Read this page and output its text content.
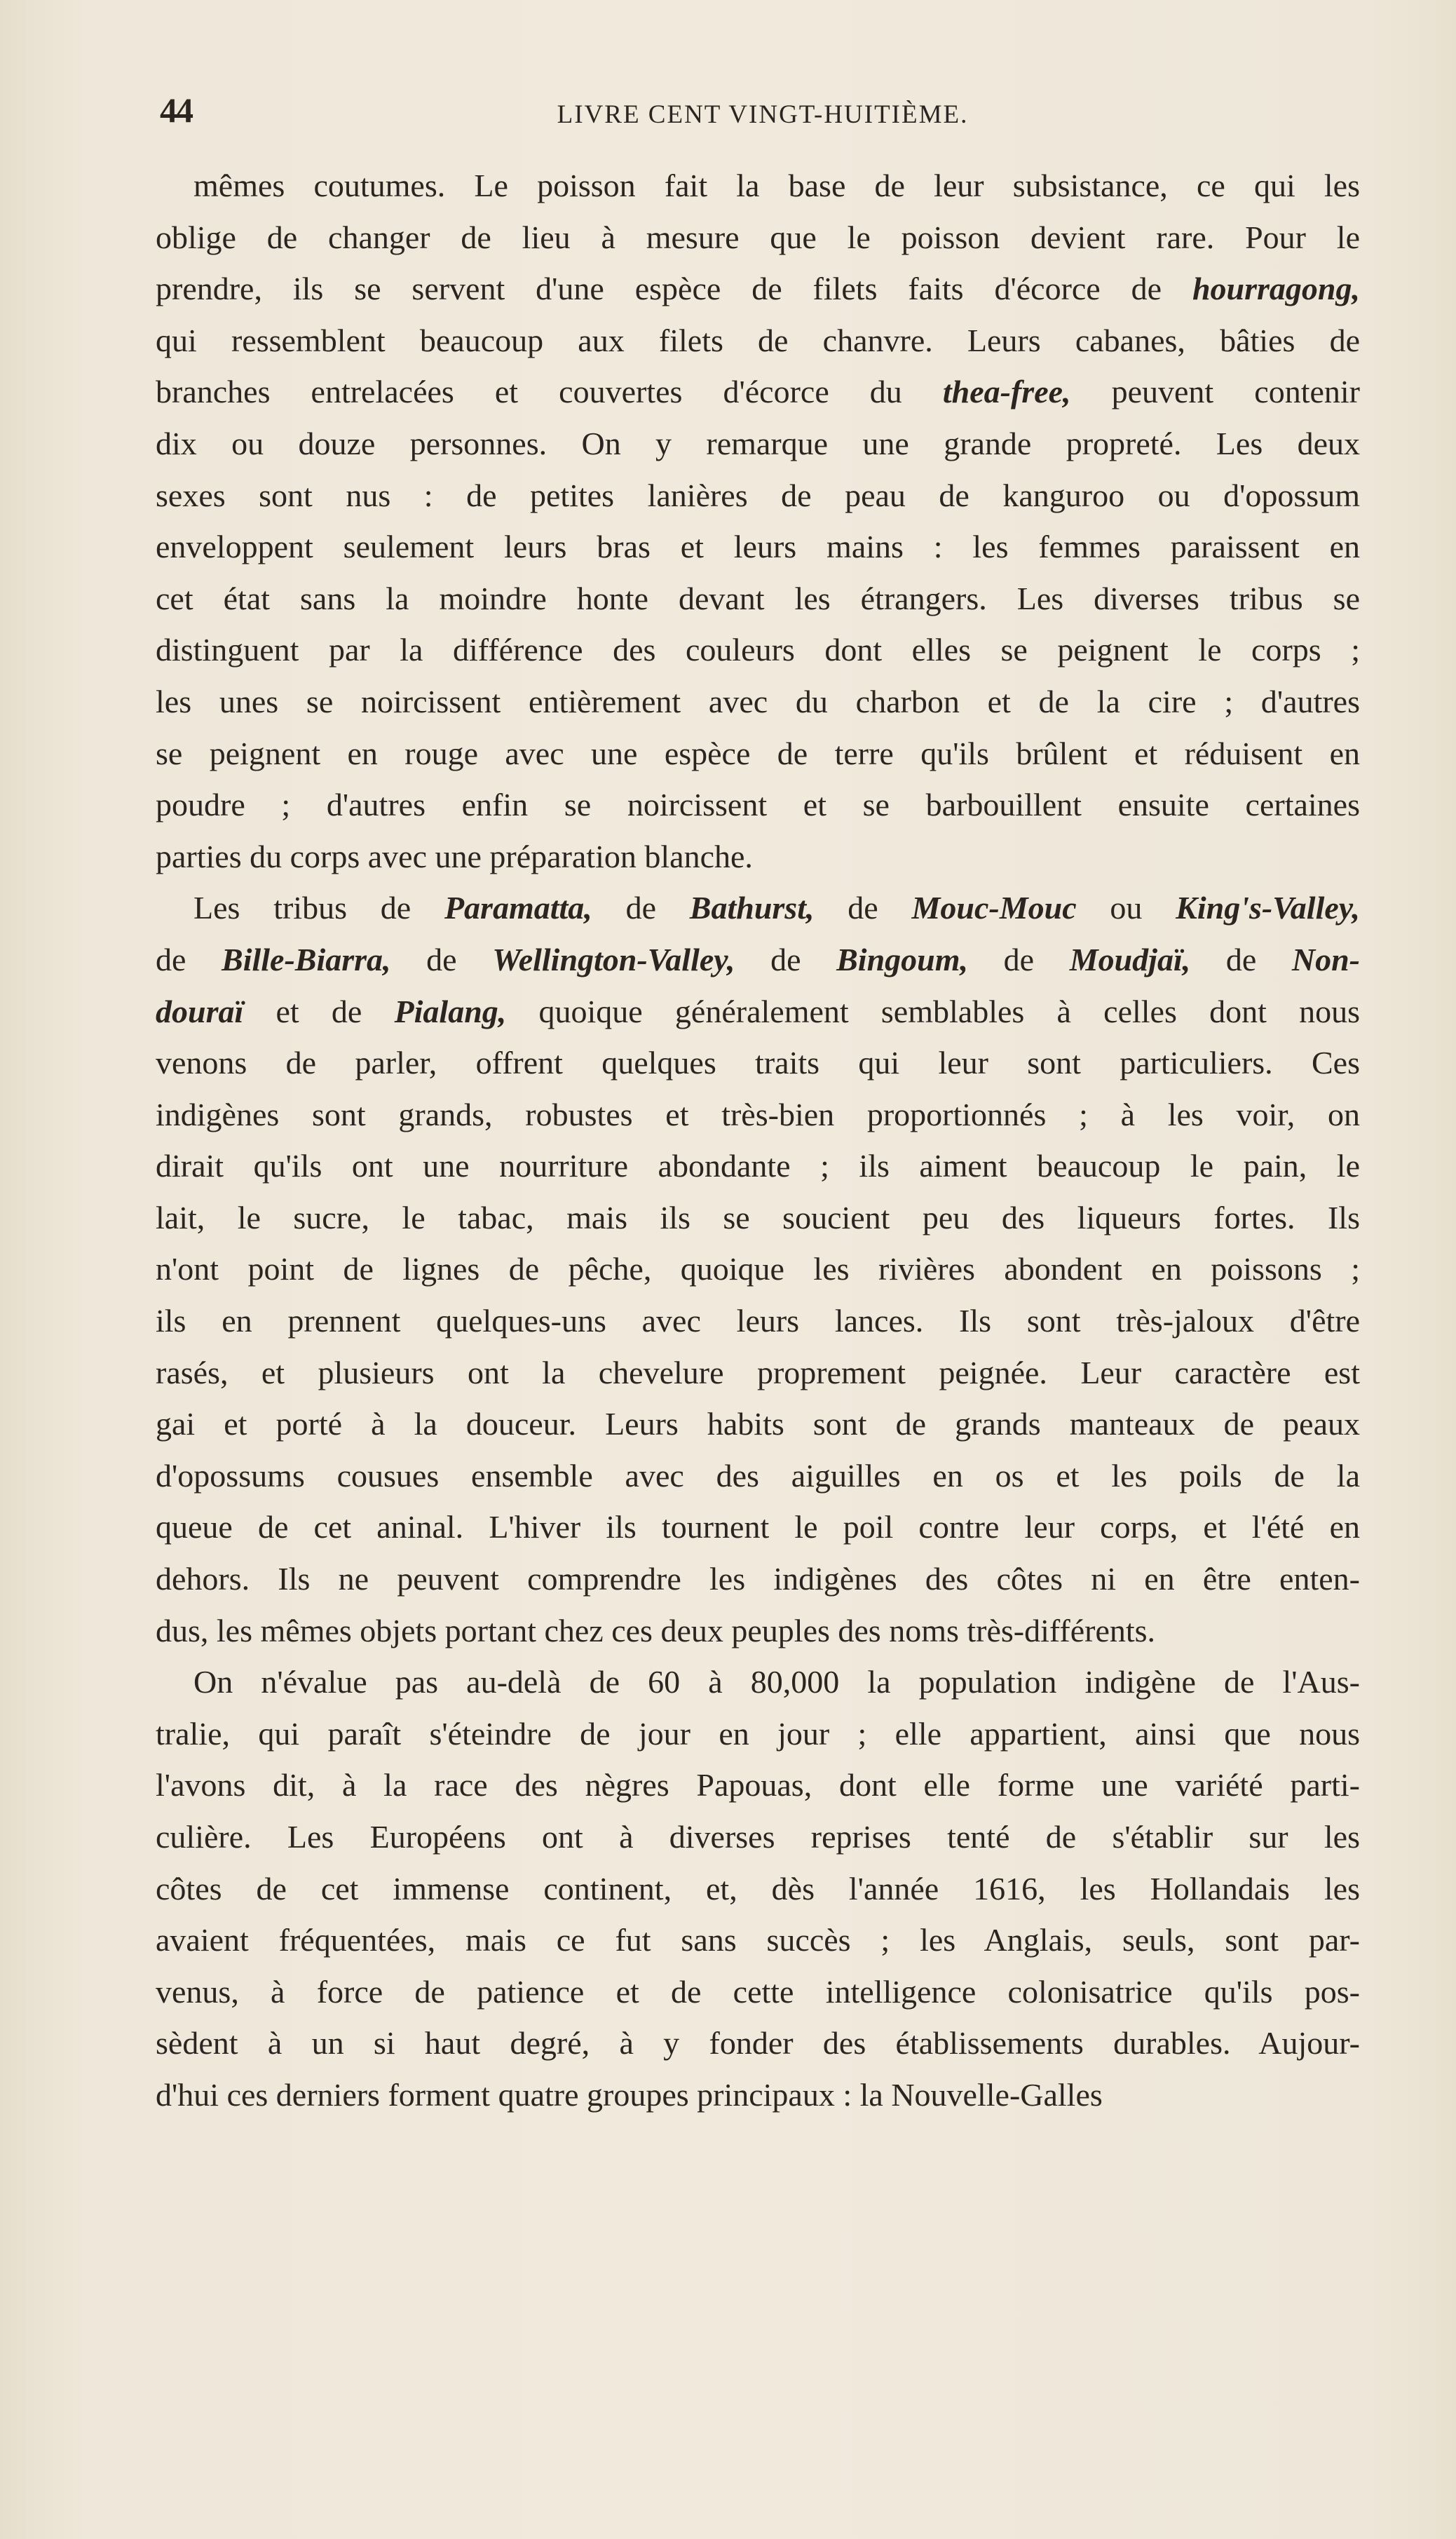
44	LIVRE CENT VINGT-HUITIÈME.
mêmes coutumes. Le poisson fait la base de leur subsistance, ce qui les
oblige de changer de lieu à mesure que le poisson devient rare. Pour le
prendre, ils se servent d'une espèce de filets faits d'écorce de hourragong,
qui ressemblent beaucoup aux filets de chanvre. Leurs cabanes, bâties de
branches entrelacées et couvertes d'écorce du thea-free, peuvent contenir
dix ou douze personnes. On y remarque une grande propreté. Les deux
sexes sont nus : de petites lanières de peau de kanguroo ou d'opossum
enveloppent seulement leurs bras et leurs mains : les femmes paraissent en
cet état sans la moindre honte devant les étrangers. Les diverses tribus se
distinguent par la différence des couleurs dont elles se peignent le corps ;
les unes se noircissent entièrement avec du charbon et de la cire ; d'autres
se peignent en rouge avec une espèce de terre qu'ils brûlent et réduisent en
poudre ; d'autres enfin se noircissent et se barbouillent ensuite certaines
parties du corps avec une préparation blanche.
Les tribus de Paramatta, de Bathurst, de Mouc-Mouc ou King's-Valley,
de Bille-Biarra, de Wellington-Valley, de Bingoum, de Moudjaï, de Non-
douraï et de Pialang, quoique généralement semblables à celles dont nous
venons de parler, offrent quelques traits qui leur sont particuliers. Ces
indigènes sont grands, robustes et très-bien proportionnés ; à les voir, on
dirait qu'ils ont une nourriture abondante ; ils aiment beaucoup le pain, le
lait, le sucre, le tabac, mais ils se soucient peu des liqueurs fortes. Ils
n'ont point de lignes de pêche, quoique les rivières abondent en poissons ;
ils en prennent quelques-uns avec leurs lances. Ils sont très-jaloux d'être
rasés, et plusieurs ont la chevelure proprement peignée. Leur caractère est
gai et porté à la douceur. Leurs habits sont de grands manteaux de peaux
d'opossums cousues ensemble avec des aiguilles en os et les poils de la
queue de cet aninal. L'hiver ils tournent le poil contre leur corps, et l'été en
dehors. Ils ne peuvent comprendre les indigènes des côtes ni en être enten-
dus, les mêmes objets portant chez ces deux peuples des noms très-différents.
On n'évalue pas au-delà de 60 à 80,000 la population indigène de l'Aus-
tralie, qui paraît s'éteindre de jour en jour ; elle appartient, ainsi que nous
l'avons dit, à la race des nègres Papouas, dont elle forme une variété parti-
culière. Les Européens ont à diverses reprises tenté de s'établir sur les
côtes de cet immense continent, et, dès l'année 1616, les Hollandais les
avaient fréquentées, mais ce fut sans succès ; les Anglais, seuls, sont par-
venus, à force de patience et de cette intelligence colonisatrice qu'ils pos-
sèdent à un si haut degré, à y fonder des établissements durables. Aujour-
d'hui ces derniers forment quatre groupes principaux : la Nouvelle-Galles
